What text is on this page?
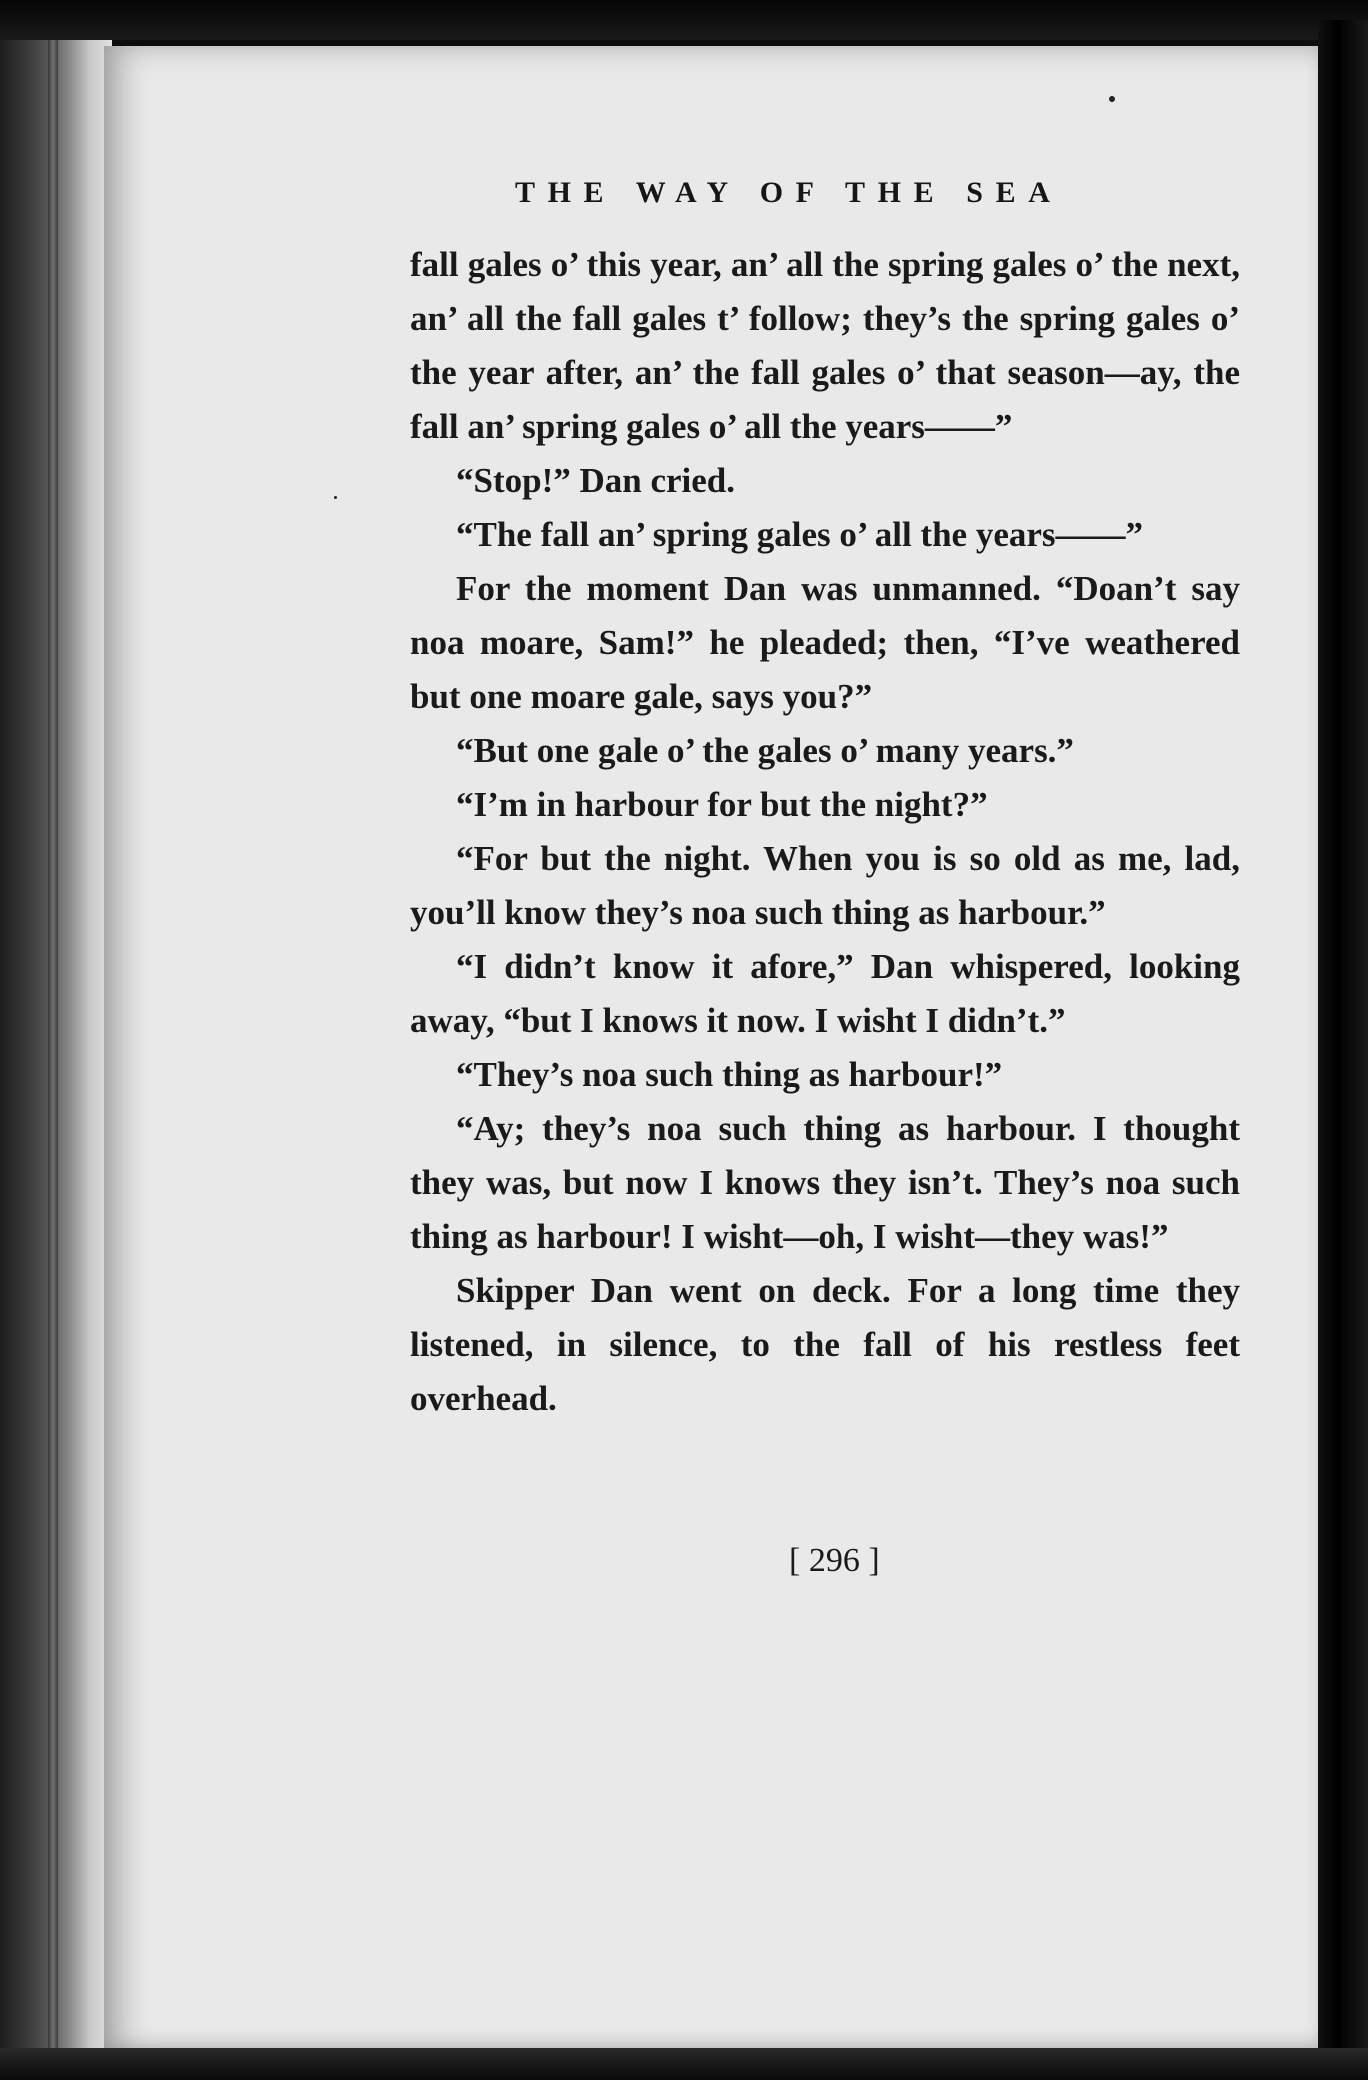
THE WAY OF THE SEA

fall gales o’ this year, an’ all the spring gales o’ the next, an’ all the fall gales t’ follow; they’s the spring gales o’ the year after, an’ the fall gales o’ that season—ay, the fall an’ spring gales o’ all the years——”

“Stop!” Dan cried.

“The fall an’ spring gales o’ all the years——”

For the moment Dan was unmanned. “Doan’t say noa moare, Sam!” he pleaded; then, “I’ve weathered but one moare gale, says you?”

“But one gale o’ the gales o’ many years.”

“I’m in harbour for but the night?”

“For but the night. When you is so old as me, lad, you’ll know they’s noa such thing as harbour.”

“I didn’t know it afore,” Dan whispered, looking away, “but I knows it now. I wisht I didn’t.”

“They’s noa such thing as harbour!”

“Ay; they’s noa such thing as harbour. I thought they was, but now I knows they isn’t. They’s noa such thing as harbour! I wisht—oh, I wisht—they was!”

Skipper Dan went on deck. For a long time they listened, in silence, to the fall of his restless feet overhead.

[ 296 ]
